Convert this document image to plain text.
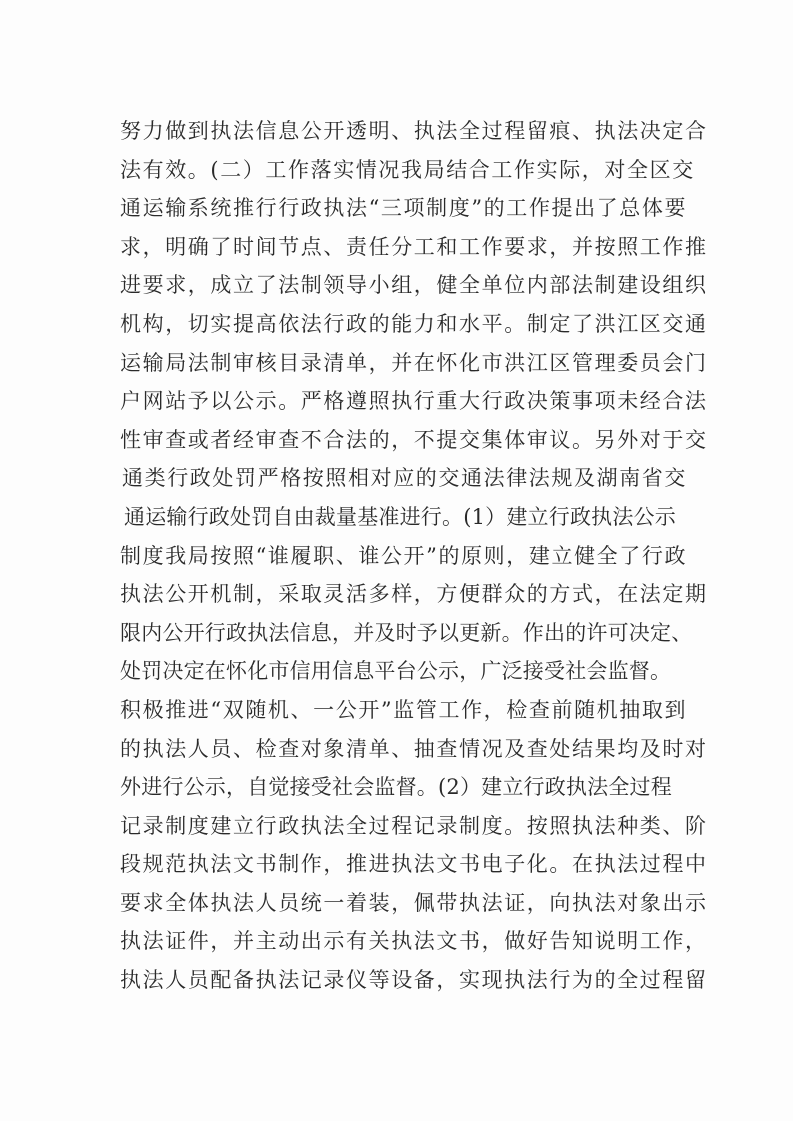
努力做到执法信息公开透明、执法全过程留痕、执法决定合
法有效。(二）工作落实情况我局结合工作实际，对全区交
通运输系统推行行政执法“三项制度”的工作提出了总体要
求，明确了时间节点、责任分工和工作要求，并按照工作推
进要求，成立了法制领导小组，健全单位内部法制建设组织
机构，切实提高依法行政的能力和水平。制定了洪江区交通
运输局法制审核目录清单，并在怀化市洪江区管理委员会门
户网站予以公示。严格遵照执行重大行政决策事项未经合法
性审查或者经审查不合法的，不提交集体审议。另外对于交
通类行政处罚严格按照相对应的交通法律法规及湖南省交
通运输行政处罚自由裁量基准进行。(1）建立行政执法公示
制度我局按照“谁履职、谁公开”的原则，建立健全了行政
执法公开机制，采取灵活多样，方便群众的方式，在法定期
限内公开行政执法信息，并及时予以更新。作出的许可决定、
处罚决定在怀化市信用信息平台公示，广泛接受社会监督。
积极推进“双随机、一公开”监管工作，检查前随机抽取到
的执法人员、检查对象清单、抽查情况及查处结果均及时对
外进行公示，自觉接受社会监督。(2）建立行政执法全过程
记录制度建立行政执法全过程记录制度。按照执法种类、阶
段规范执法文书制作，推进执法文书电子化。在执法过程中
要求全体执法人员统一着装，佩带执法证，向执法对象出示
执法证件，并主动出示有关执法文书，做好告知说明工作，
执法人员配备执法记录仪等设备，实现执法行为的全过程留
